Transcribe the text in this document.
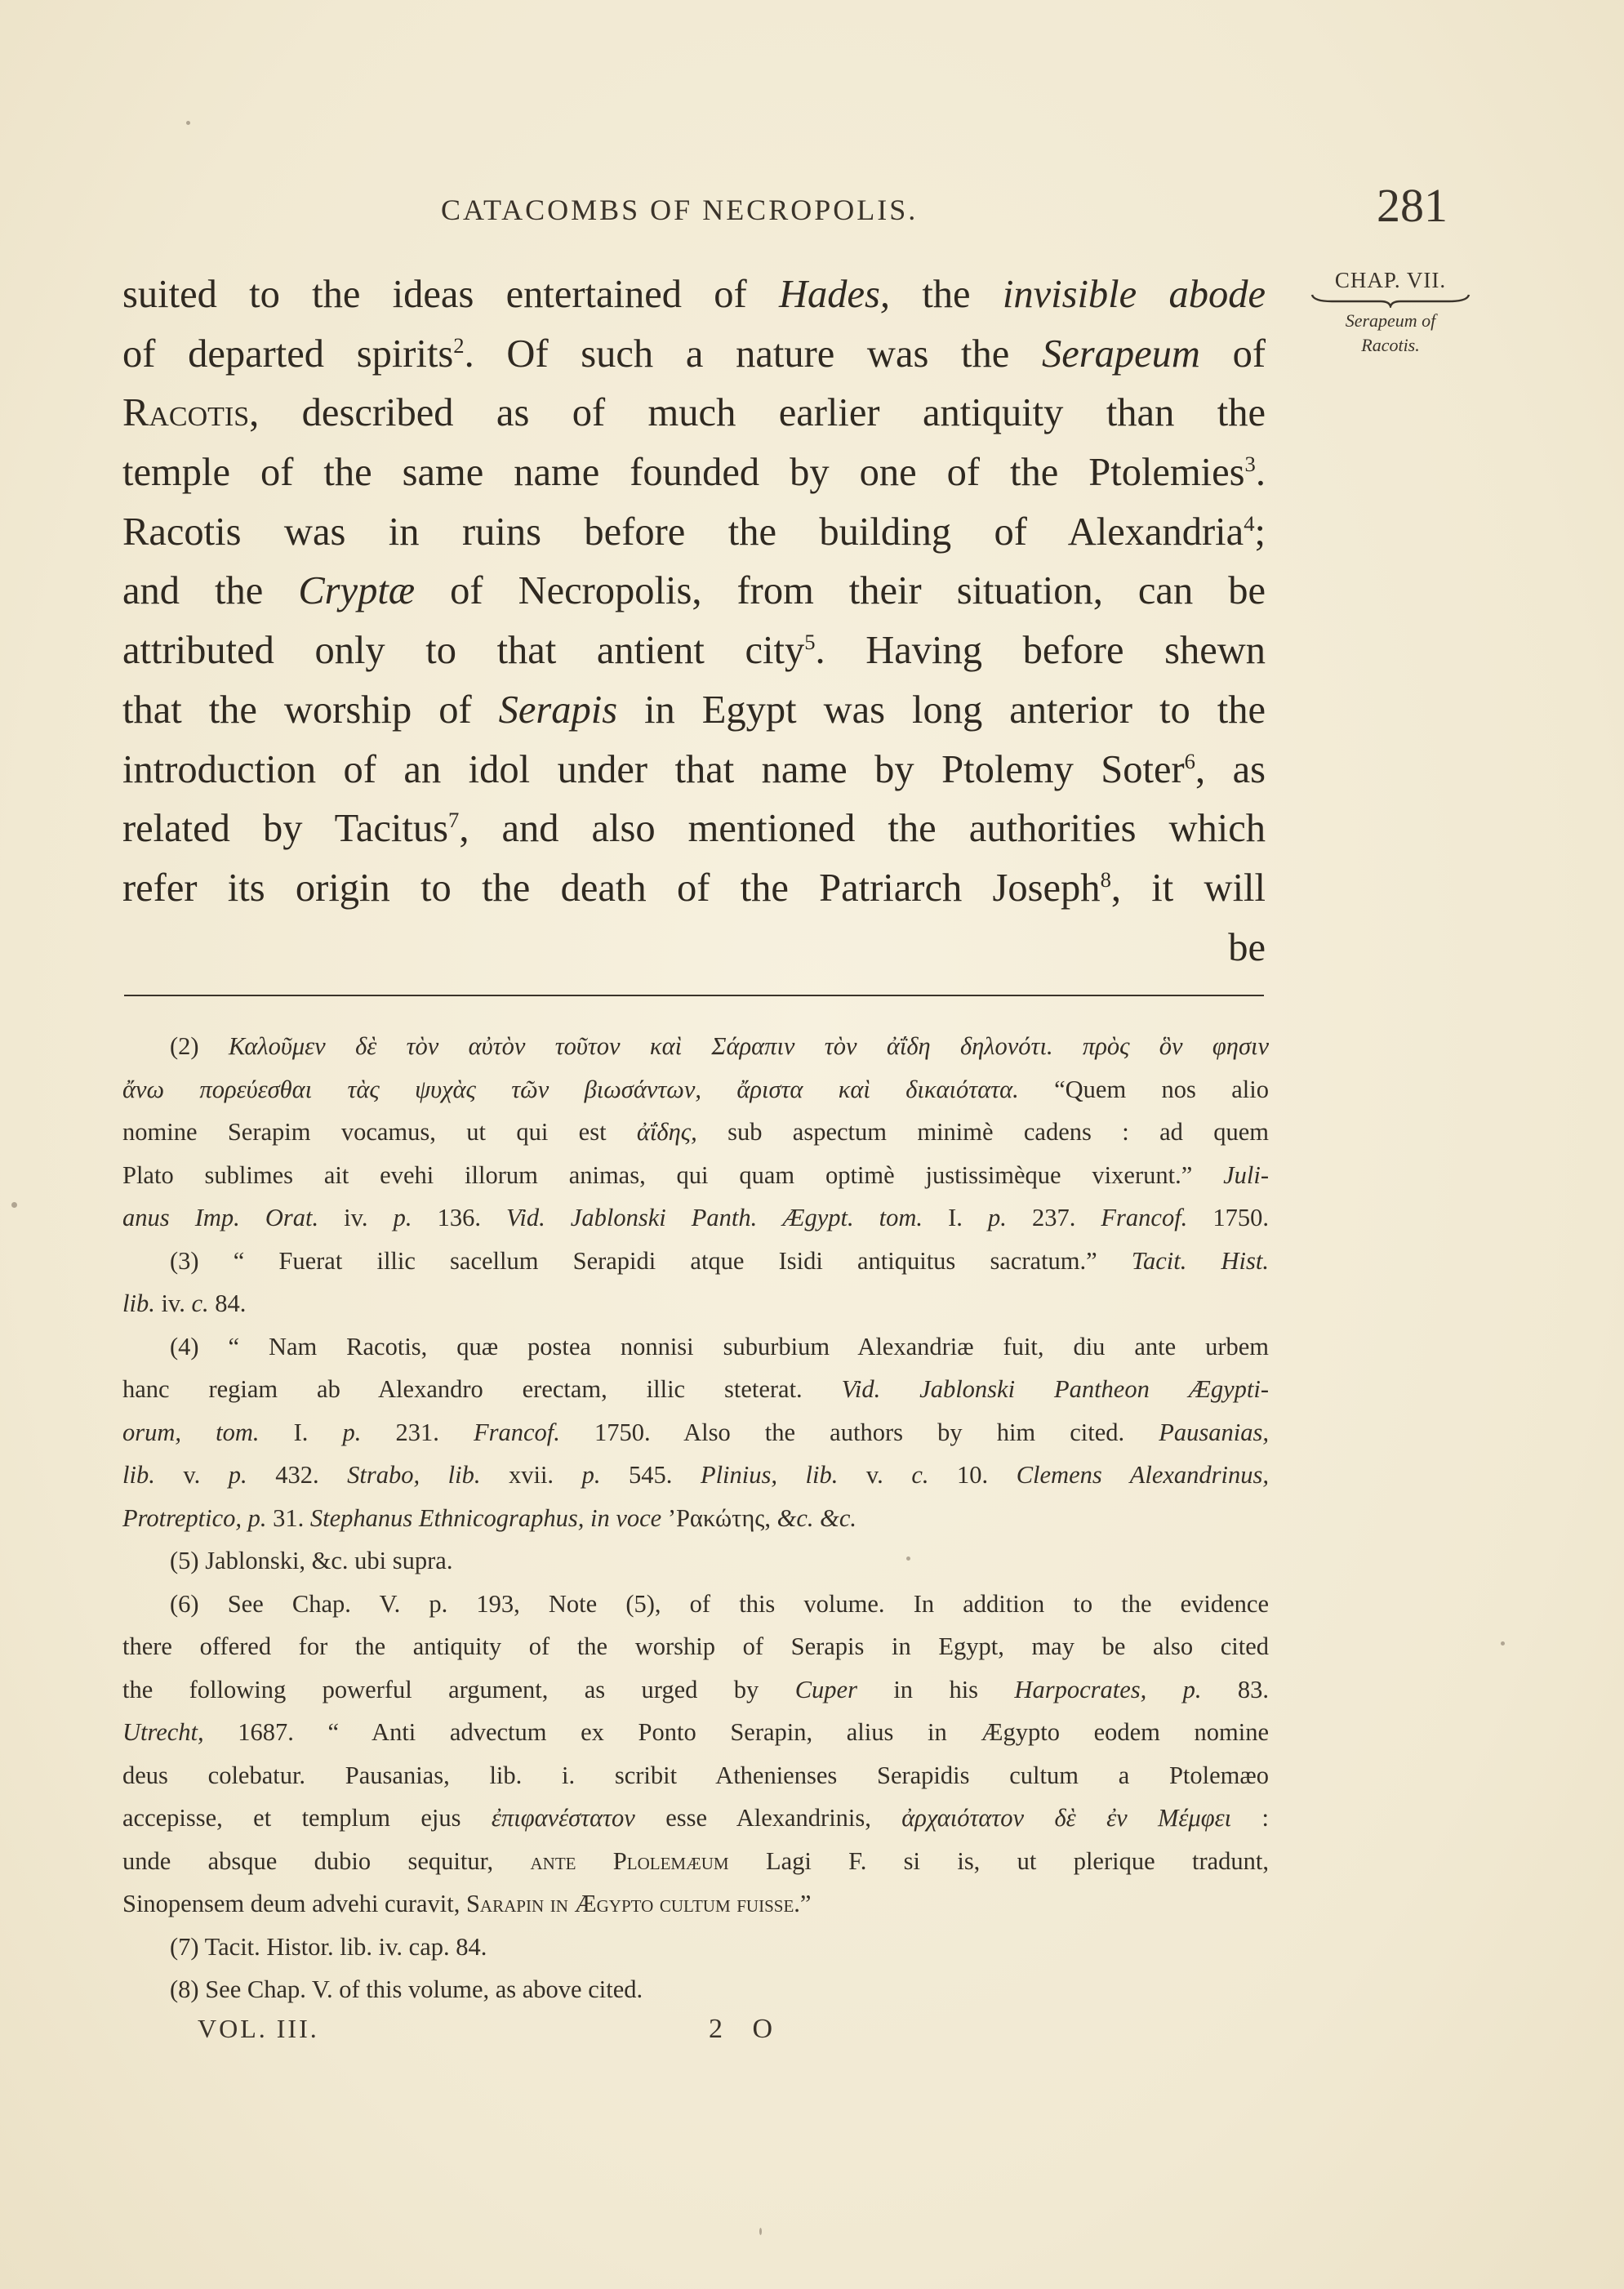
CATACOMBS OF NECROPOLIS.	281
CHAP. VII.
Serapeum of
Racotis.
suited to the ideas entertained of Hades, the invisible abode
of departed spirits$^2$. Of such a nature was the Serapeum of
Racotis, described as of much earlier antiquity than the
temple of the same name founded by one of the Ptolemies$^3$.
Racotis was in ruins before the building of Alexandria$^4$;
and the Cryptæ of Necropolis, from their situation, can be
attributed only to that antient city$^5$. Having before shewn
that the worship of Serapis in Egypt was long anterior to the
introduction of an idol under that name by Ptolemy Soter$^6$, as
related by Tacitus$^7$, and also mentioned the authorities which
refer its origin to the death of the Patriarch Joseph$^8$, it will
be
(2) Καλοῦμεν δὲ τὸν αὐτὸν τοῦτον καὶ Σάραπιν τὸν ἀΐδη δηλονότι. πρὸς ὃν φησιν
ἄνω πορεύεσθαι τὰς ψυχὰς τῶν βιωσάντων, ἄριστα καὶ δικαιότατα. “Quem nos alio
nomine Serapim vocamus, ut qui est ἀΐδης, sub aspectum minimè cadens : ad quem
Plato sublimes ait evehi illorum animas, qui quam optimè justissimèque vixerunt.” Juli-
anus Imp. Orat. iv. p. 136. Vid. Jablonski Panth. Ægypt. tom. I. p. 237. Francof. 1750.
(3) “ Fuerat illic sacellum Serapidi atque Isidi antiquitus sacratum.” Tacit. Hist.
lib. iv. c. 84.
(4) “ Nam Racotis, quæ postea nonnisi suburbium Alexandriæ fuit, diu ante urbem
hanc regiam ab Alexandro erectam, illic steterat. Vid. Jablonski Pantheon Ægypti-
orum, tom. I. p. 231. Francof. 1750. Also the authors by him cited. Pausanias,
lib. v. p. 432. Strabo, lib. xvii. p. 545. Plinius, lib. v. c. 10. Clemens Alexandrinus,
Protreptico, p. 31. Stephanus Ethnicographus, in voce ’Ρακώτης, &c. &c.
(5) Jablonski, &c. ubi supra.
(6) See Chap. V. p. 193, Note (5), of this volume. In addition to the evidence
there offered for the antiquity of the worship of Serapis in Egypt, may be also cited
the following powerful argument, as urged by Cuper in his Harpocrates, p. 83.
Utrecht, 1687. “ Anti advectum ex Ponto Serapin, alius in Ægypto eodem nomine
deus colebatur. Pausanias, lib. i. scribit Athenienses Serapidis cultum a Ptolemæo
accepisse, et templum ejus ἐπιφανέστατον esse Alexandrinis, ἀρχαιότατον δὲ ἐν Μέμφει :
unde absque dubio sequitur, ante Plolemæum Lagi F. si is, ut plerique tradunt,
Sinopensem deum advehi curavit, Sarapin in Ægypto cultum fuisse.”
(7) Tacit. Histor. lib. iv. cap. 84.
(8) See Chap. V. of this volume, as above cited.
VOL. III.	2 O
